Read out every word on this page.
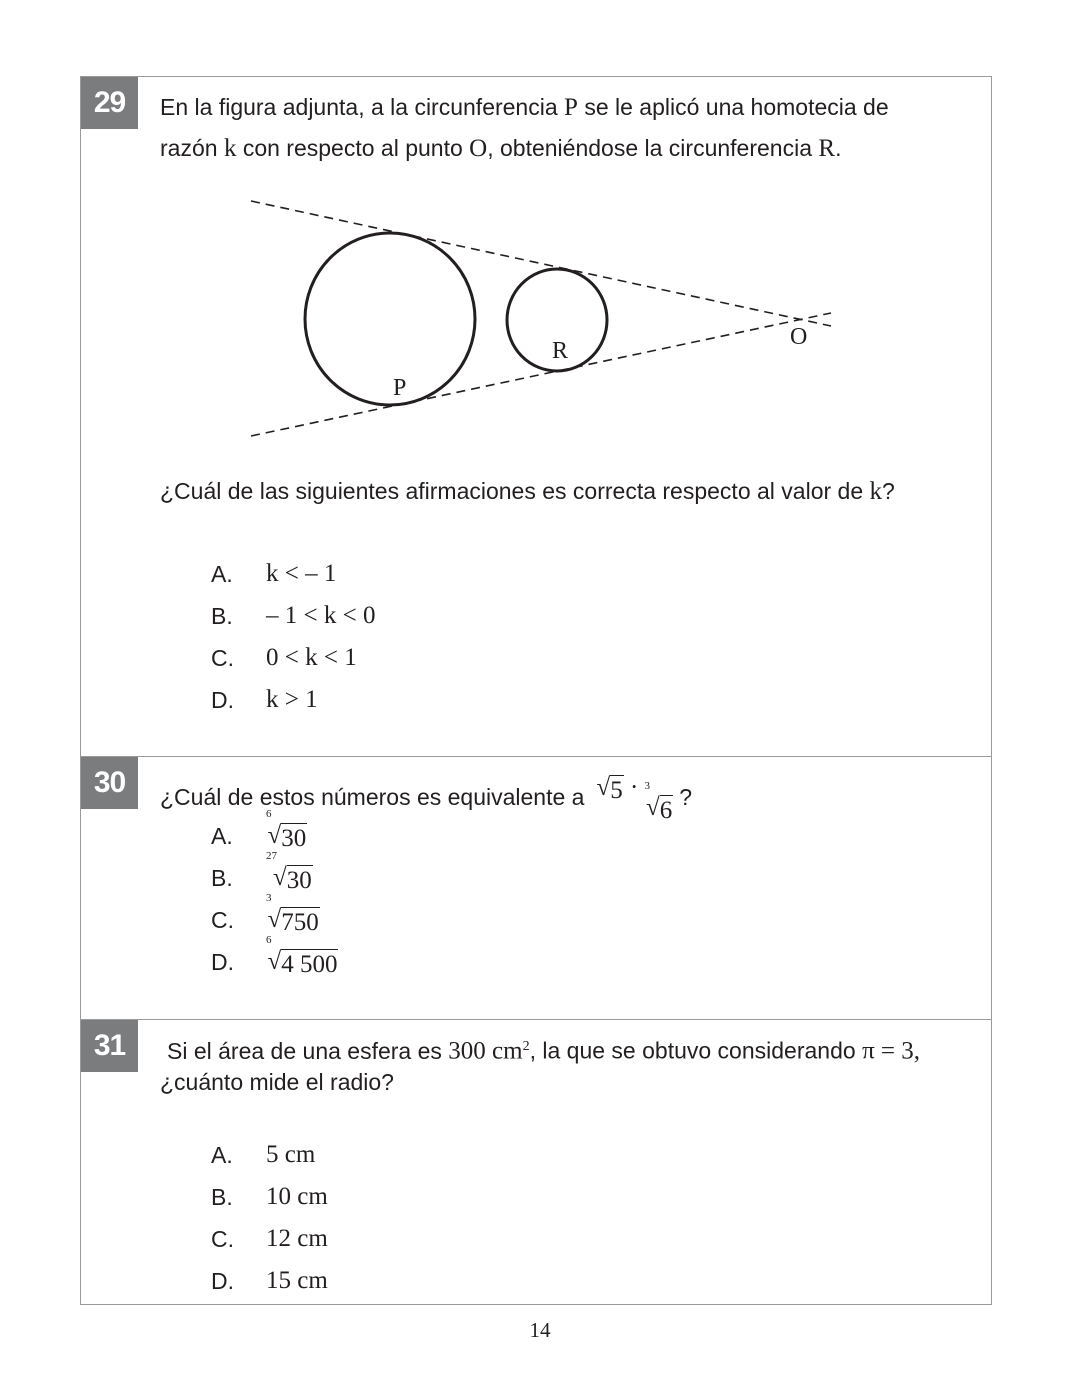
29	En la figura adjunta, a la circunferencia P se le aplicó una homotecia de
razón k con respecto al punto O, obteniéndose la circunferencia R.
P
R
O
¿Cuál de las siguientes afirmaciones es correcta respecto al valor de k?
A.	k < – 1
B.	– 1 < k < 0
C.	0 < k < 1
D.	k > 1
30	¿Cuál de estos números es equivalente a √ 5 · 3
√ 6 ?
A.
6
√ 30
B.
27
√ 30
C.
3
√ 750
D.
6
√ 4 500
31	Si el área de una esfera es 300 $cm^2$, la que se obtuvo considerando π = 3,
¿cuánto mide el radio?
A.	5 cm
B.	10 cm
C.	12 cm
D.	15 cm
14
